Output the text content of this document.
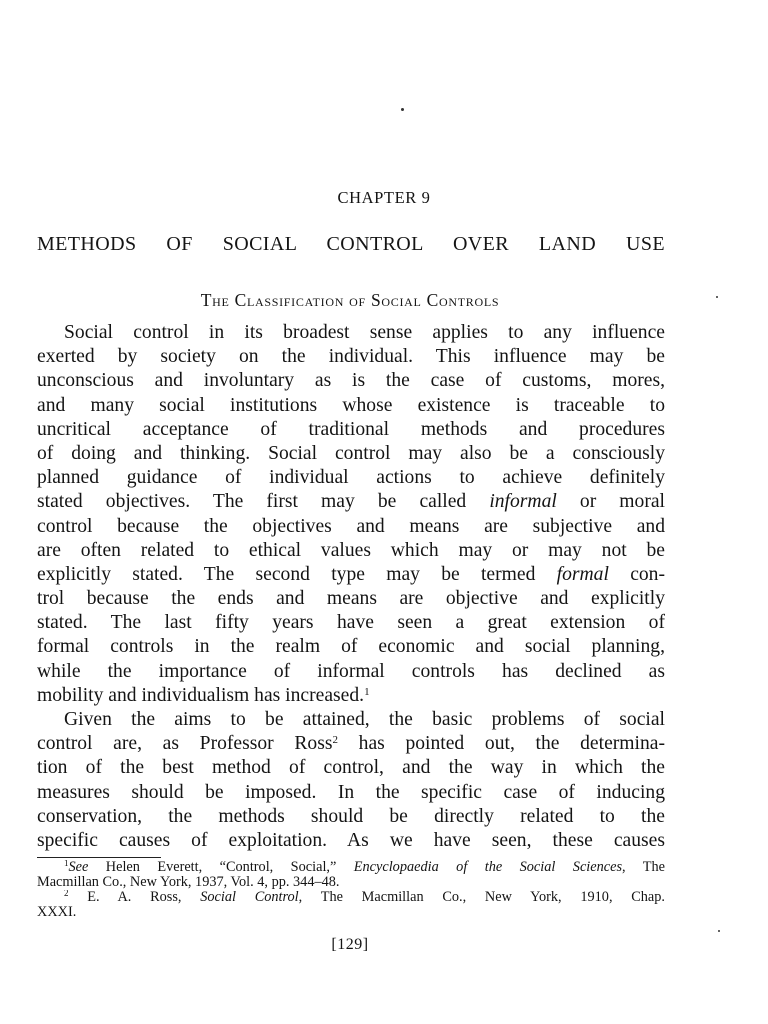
CHAPTER 9
METHODS OF SOCIAL CONTROL OVER LAND USE
The Classification of Social Controls
Social control in its broadest sense applies to any influence
exerted by society on the individual. This influence may be
unconscious and involuntary as is the case of customs, mores,
and many social institutions whose existence is traceable to
uncritical acceptance of traditional methods and procedures
of doing and thinking. Social control may also be a consciously
planned guidance of individual actions to achieve definitely
stated objectives. The first may be called informal or moral
control because the objectives and means are subjective and
are often related to ethical values which may or may not be
explicitly stated. The second type may be termed formal con-
trol because the ends and means are objective and explicitly
stated. The last fifty years have seen a great extension of
formal controls in the realm of economic and social planning,
while the importance of informal controls has declined as
mobility and individualism has increased.$^1$
Given the aims to be attained, the basic problems of social
control are, as Professor Ross$^2$ has pointed out, the determina-
tion of the best method of control, and the way in which the
measures should be imposed. In the specific case of inducing
conservation, the methods should be directly related to the
specific causes of exploitation. As we have seen, these causes
$^1$See Helen Everett, “Control, Social,” Encyclopaedia of the Social Sciences, The
Macmillan Co., New York, 1937, Vol. 4, pp. 344–48.
$^2$ E. A. Ross, Social Control, The Macmillan Co., New York, 1910, Chap.
XXXI.
[129]
